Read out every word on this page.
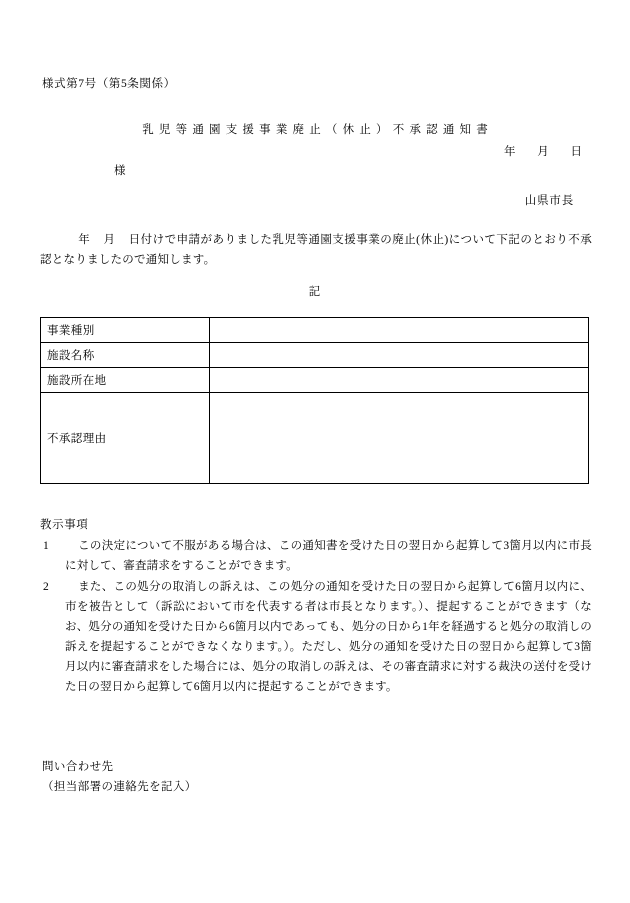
様式第7号（第5条関係）
乳児等通園支援事業廃止（休止）不承認通知書
年 月 日
様
山県市長
年 月 日付けで申請がありました乳児等通園支援事業の廃止(休止)について下記のとおり不承認となりましたので通知します。
記
事業種別	
施設名称	
施設所在地	
不承認理由	
教示事項
1	この決定について不服がある場合は、この通知書を受けた日の翌日から起算して3箇月以内に市長に対して、審査請求をすることができます。
2	また、この処分の取消しの訴えは、この処分の通知を受けた日の翌日から起算して6箇月以内に、市を被告として（訴訟において市を代表する者は市長となります。）、提起することができます（なお、処分の通知を受けた日から6箇月以内であっても、処分の日から1年を経過すると処分の取消しの訴えを提起することができなくなります。）。ただし、処分の通知を受けた日の翌日から起算して3箇月以内に審査請求をした場合には、処分の取消しの訴えは、その審査請求に対する裁決の送付を受けた日の翌日から起算して6箇月以内に提起することができます。
問い合わせ先
（担当部署の連絡先を記入）
